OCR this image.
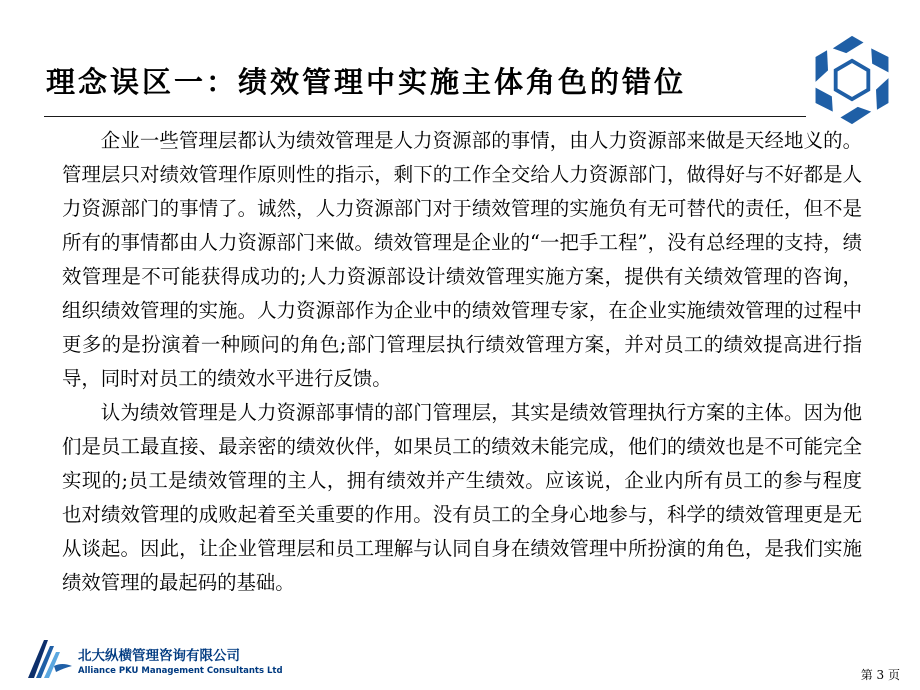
理念误区一：绩效管理中实施主体角色的错位

企业一些管理层都认为绩效管理是人力资源部的事情，由人力资源部来做是天经地义的。管理层只对绩效管理作原则性的指示，剩下的工作全交给人力资源部门，做得好与不好都是人力资源部门的事情了。诚然，人力资源部门对于绩效管理的实施负有无可替代的责任，但不是所有的事情都由人力资源部门来做。绩效管理是企业的“一把手工程”，没有总经理的支持，绩效管理是不可能获得成功的;人力资源部设计绩效管理实施方案，提供有关绩效管理的咨询，组织绩效管理的实施。人力资源部作为企业中的绩效管理专家，在企业实施绩效管理的过程中更多的是扮演着一种顾问的角色;部门管理层执行绩效管理方案，并对员工的绩效提高进行指导，同时对员工的绩效水平进行反馈。

认为绩效管理是人力资源部事情的部门管理层，其实是绩效管理执行方案的主体。因为他们是员工最直接、最亲密的绩效伙伴，如果员工的绩效未能完成，他们的绩效也是不可能完全实现的;员工是绩效管理的主人，拥有绩效并产生绩效。应该说，企业内所有员工的参与程度也对绩效管理的成败起着至关重要的作用。没有员工的全身心地参与，科学的绩效管理更是无从谈起。因此，让企业管理层和员工理解与认同自身在绩效管理中所扮演的角色，是我们实施绩效管理的最起码的基础。

北大纵横管理咨询有限公司
Alliance PKU Management Consultants Ltd	第 3 页
